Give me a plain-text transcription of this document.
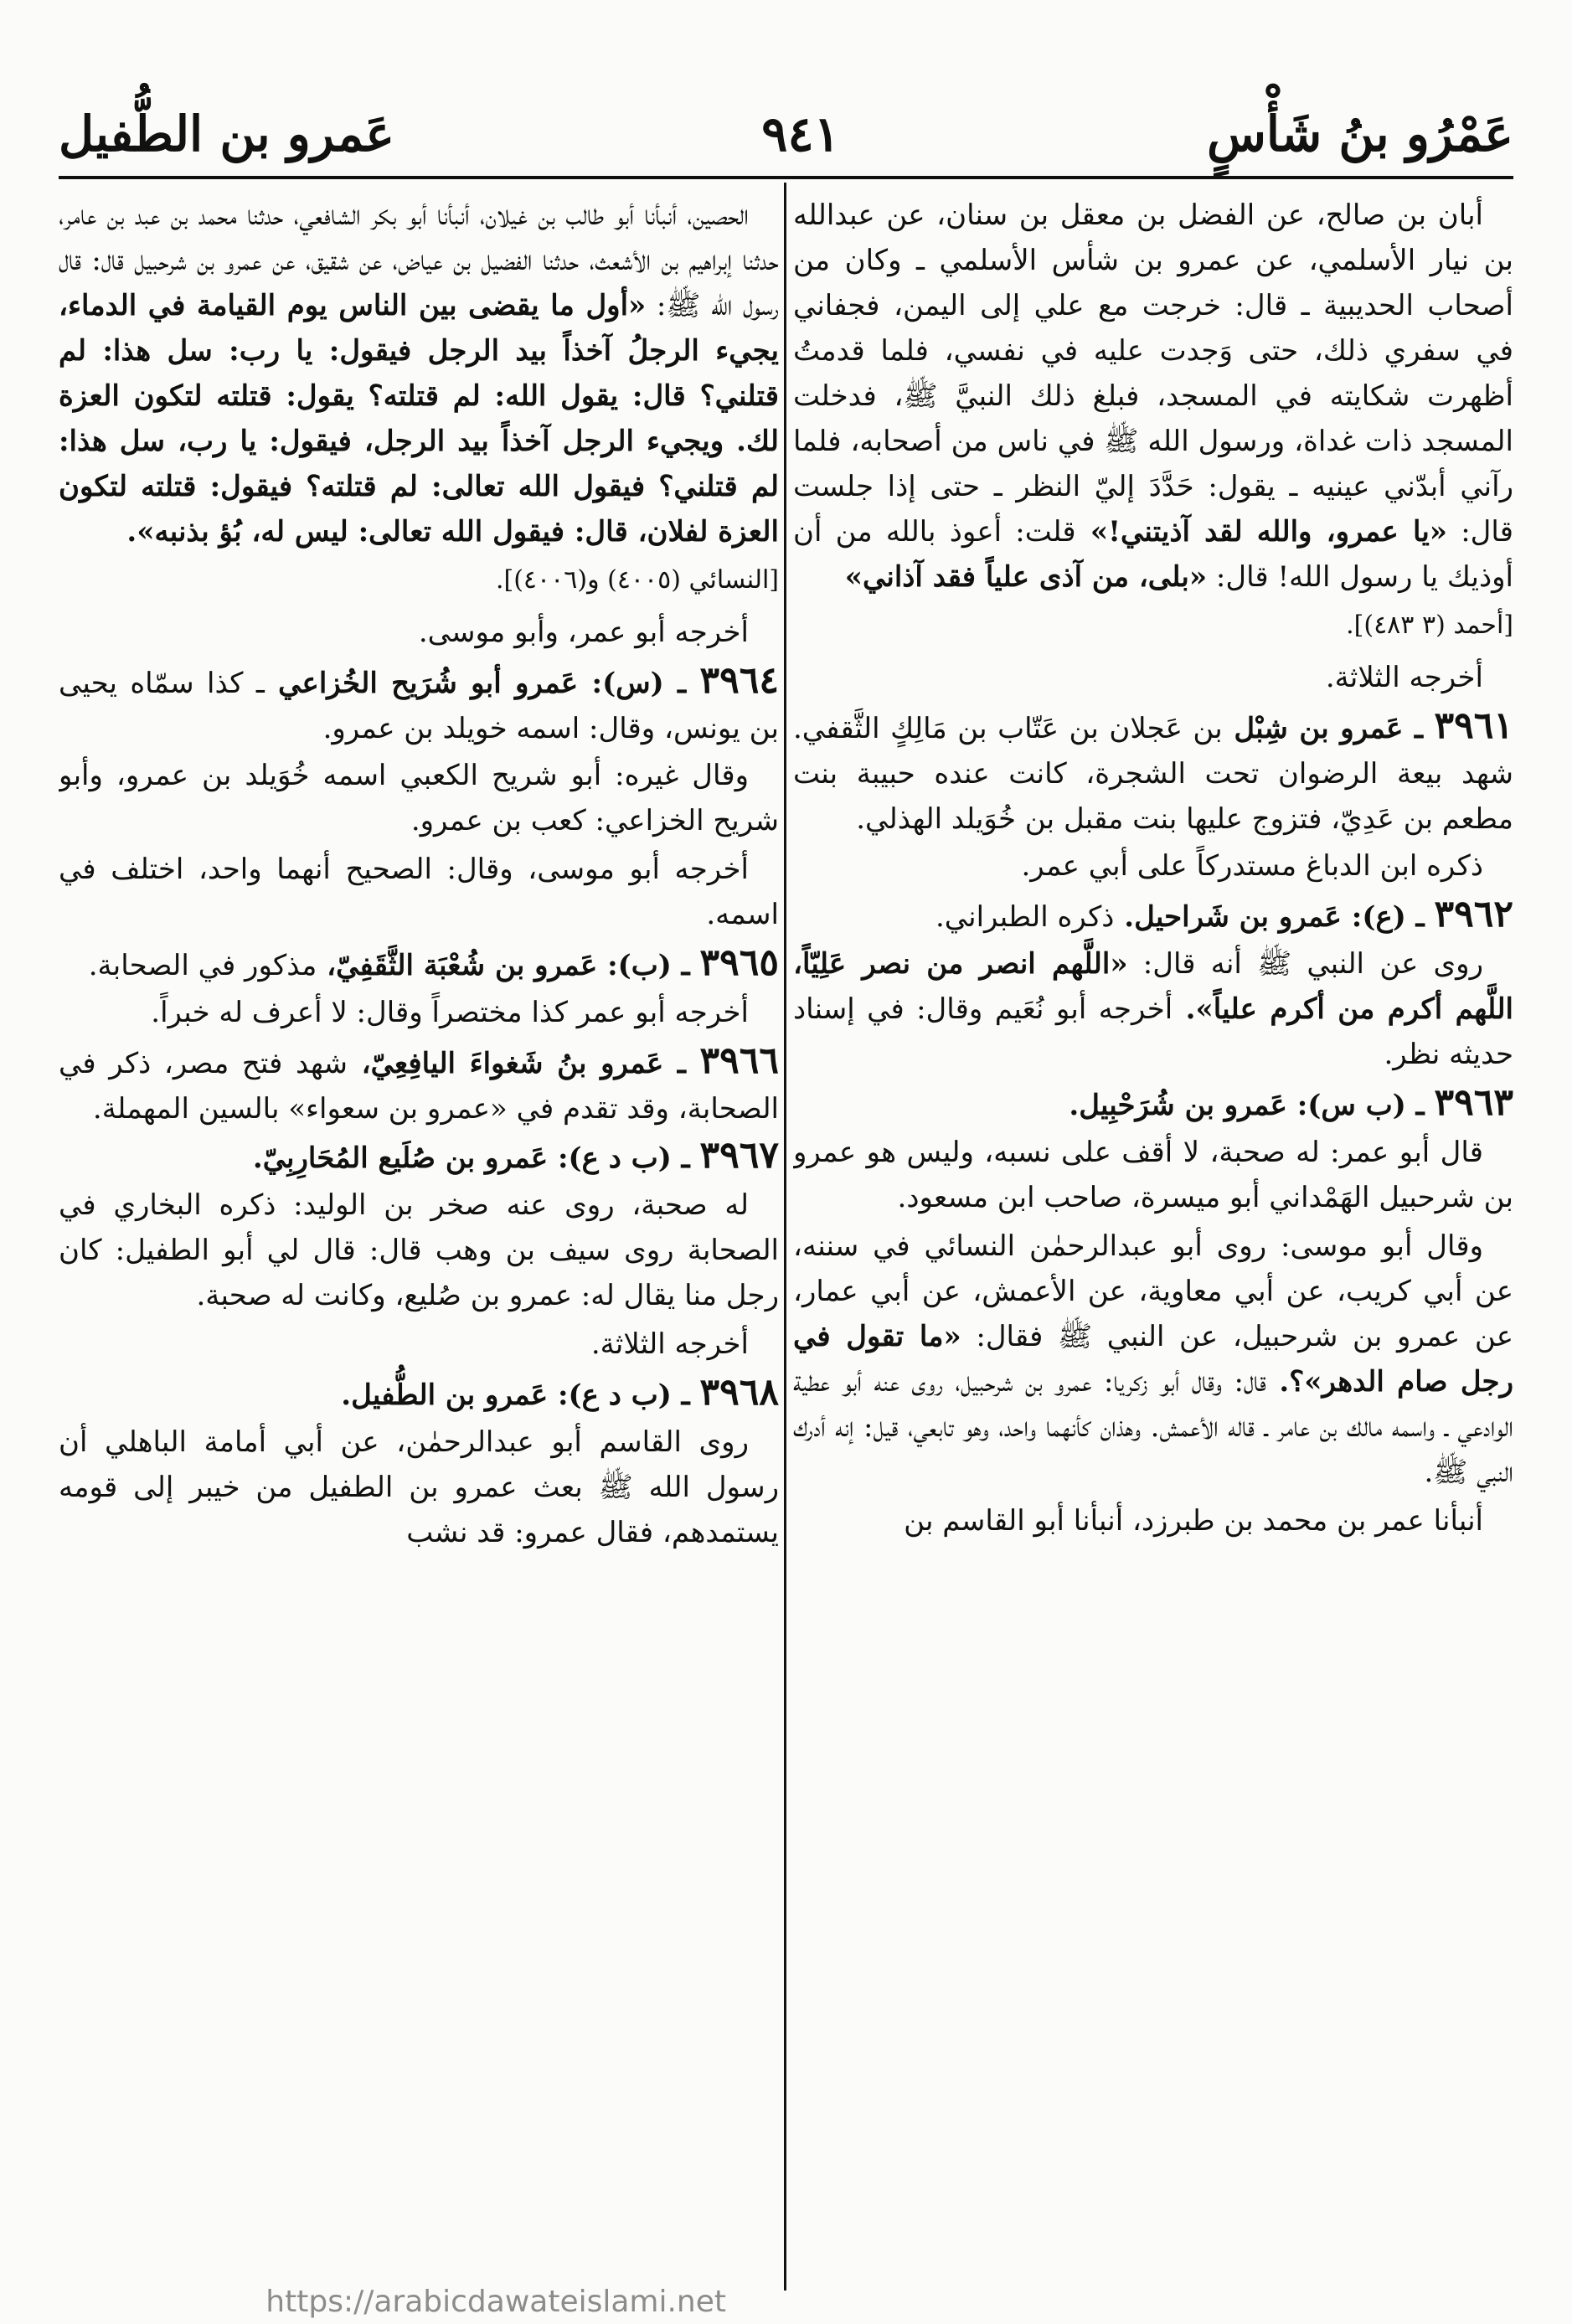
عَمْرُو بنُ شَأْسٍ
٩٤١
عَمرو بن الطُّفيل

أبان بن صالح، عن الفضل بن معقل بن سنان، عن عبدالله بن نيار الأسلمي، عن عمرو بن شأس الأسلمي ـ وكان من أصحاب الحديبية ـ قال: خرجت مع علي إلى اليمن، فجفاني في سفري ذلك، حتى وَجدت عليه في نفسي، فلما قدمتُ أظهرت شكايته في المسجد، فبلغ ذلك النبيَّ ﷺ، فدخلت المسجد ذات غداة، ورسول الله ﷺ في ناس من أصحابه، فلما رآني أبدّني عينيه ـ يقول: حَدَّدَ إليّ النظر ـ حتى إذا جلست قال: «يا عمرو، والله لقد آذيتني!» قلت: أعوذ بالله من أن أوذيك يا رسول الله! قال: «بلى، من آذى علياً فقد آذاني»

[أحمد (٣ ٤٨٣)].

أخرجه الثلاثة.

٣٩٦١ ـ عَمرو بن شِبْل بن عَجلان بن عَتّاب بن مَالِكٍ الثَّقفي. شهد بيعة الرضوان تحت الشجرة، كانت عنده حبيبة بنت مطعم بن عَدِيّ، فتزوج عليها بنت مقبل بن خُوَيلد الهذلي.

ذكره ابن الدباغ مستدركاً على أبي عمر.

٣٩٦٢ ـ (ع): عَمرو بن شَراحيل. ذكره الطبراني.

روى عن النبي ﷺ أنه قال: «اللَّهم انصر من نصر عَلِيّاً، اللَّهم أكرم من أكرم علياً». أخرجه أبو نُعَيم وقال: في إسناد حديثه نظر.

٣٩٦٣ ـ (ب س): عَمرو بن شُرَحْبِيل.

قال أبو عمر: له صحبة، لا أقف على نسبه، وليس هو عمرو بن شرحبيل الهَمْداني أبو ميسرة، صاحب ابن مسعود.

وقال أبو موسى: روى أبو عبدالرحمٰن النسائي في سننه، عن أبي كريب، عن أبي معاوية، عن الأعمش، عن أبي عمار، عن عمرو بن شرحبيل، عن النبي ﷺ فقال: «ما تقول في رجل صام الدهر»؟. قال: وقال أبو زكريا: عمرو بن شرحبيل، روى عنه أبو عطية الوادعي ـ واسمه مالك بن عامر ـ قاله الأعمش. وهذان كأنهما واحد، وهو تابعي، قيل: إنه أدرك النبي ﷺ.

أنبأنا عمر بن محمد بن طبرزد، أنبأنا أبو القاسم بن

الحصين، أنبأنا أبو طالب بن غيلان، أنبأنا أبو بكر الشافعي، حدثنا محمد بن عبد بن عامر، حدثنا إبراهيم بن الأشعث، حدثنا الفضيل بن عياض، عن شقيق، عن عمرو بن شرحبيل قال: قال رسول الله ﷺ: «أول ما يقضى بين الناس يوم القيامة في الدماء، يجيء الرجلُ آخذاً بيد الرجل فيقول: يا رب: سل هذا: لم قتلني؟ قال: يقول الله: لم قتلته؟ يقول: قتلته لتكون العزة لك. ويجيء الرجل آخذاً بيد الرجل، فيقول: يا رب، سل هذا: لم قتلني؟ فيقول الله تعالى: لم قتلته؟ فيقول: قتلته لتكون العزة لفلان، قال: فيقول الله تعالى: ليس له، بُؤ بذنبه».

[النسائي (٤٠٠٥) و(٤٠٠٦)].

أخرجه أبو عمر، وأبو موسى.

٣٩٦٤ ـ (س): عَمرو أبو شُرَيح الخُزاعي ـ كذا سمّاه يحيى بن يونس، وقال: اسمه خويلد بن عمرو.

وقال غيره: أبو شريح الكعبي اسمه خُوَيلد بن عمرو، وأبو شريح الخزاعي: كعب بن عمرو.

أخرجه أبو موسى، وقال: الصحيح أنهما واحد، اختلف في اسمه.

٣٩٦٥ ـ (ب): عَمرو بن شُعْبَة الثَّقَفِيّ، مذكور في الصحابة.

أخرجه أبو عمر كذا مختصراً وقال: لا أعرف له خبراً.

٣٩٦٦ ـ عَمرو بنُ شَغواءَ اليافِعِيّ، شهد فتح مصر، ذكر في الصحابة، وقد تقدم في «عمرو بن سعواء» بالسين المهملة.

٣٩٦٧ ـ (ب د ع): عَمرو بن صُلَيع المُحَارِبِيّ.

له صحبة، روى عنه صخر بن الوليد: ذكره البخاري في الصحابة روى سيف بن وهب قال: قال لي أبو الطفيل: كان رجل منا يقال له: عمرو بن صُليع، وكانت له صحبة.

أخرجه الثلاثة.

٣٩٦٨ ـ (ب د ع): عَمرو بن الطُّفيل.

روى القاسم أبو عبدالرحمٰن، عن أبي أمامة الباهلي أن رسول الله ﷺ بعث عمرو بن الطفيل من خيبر إلى قومه يستمدهم، فقال عمرو: قد نشب

https://arabicdawateislami.net
